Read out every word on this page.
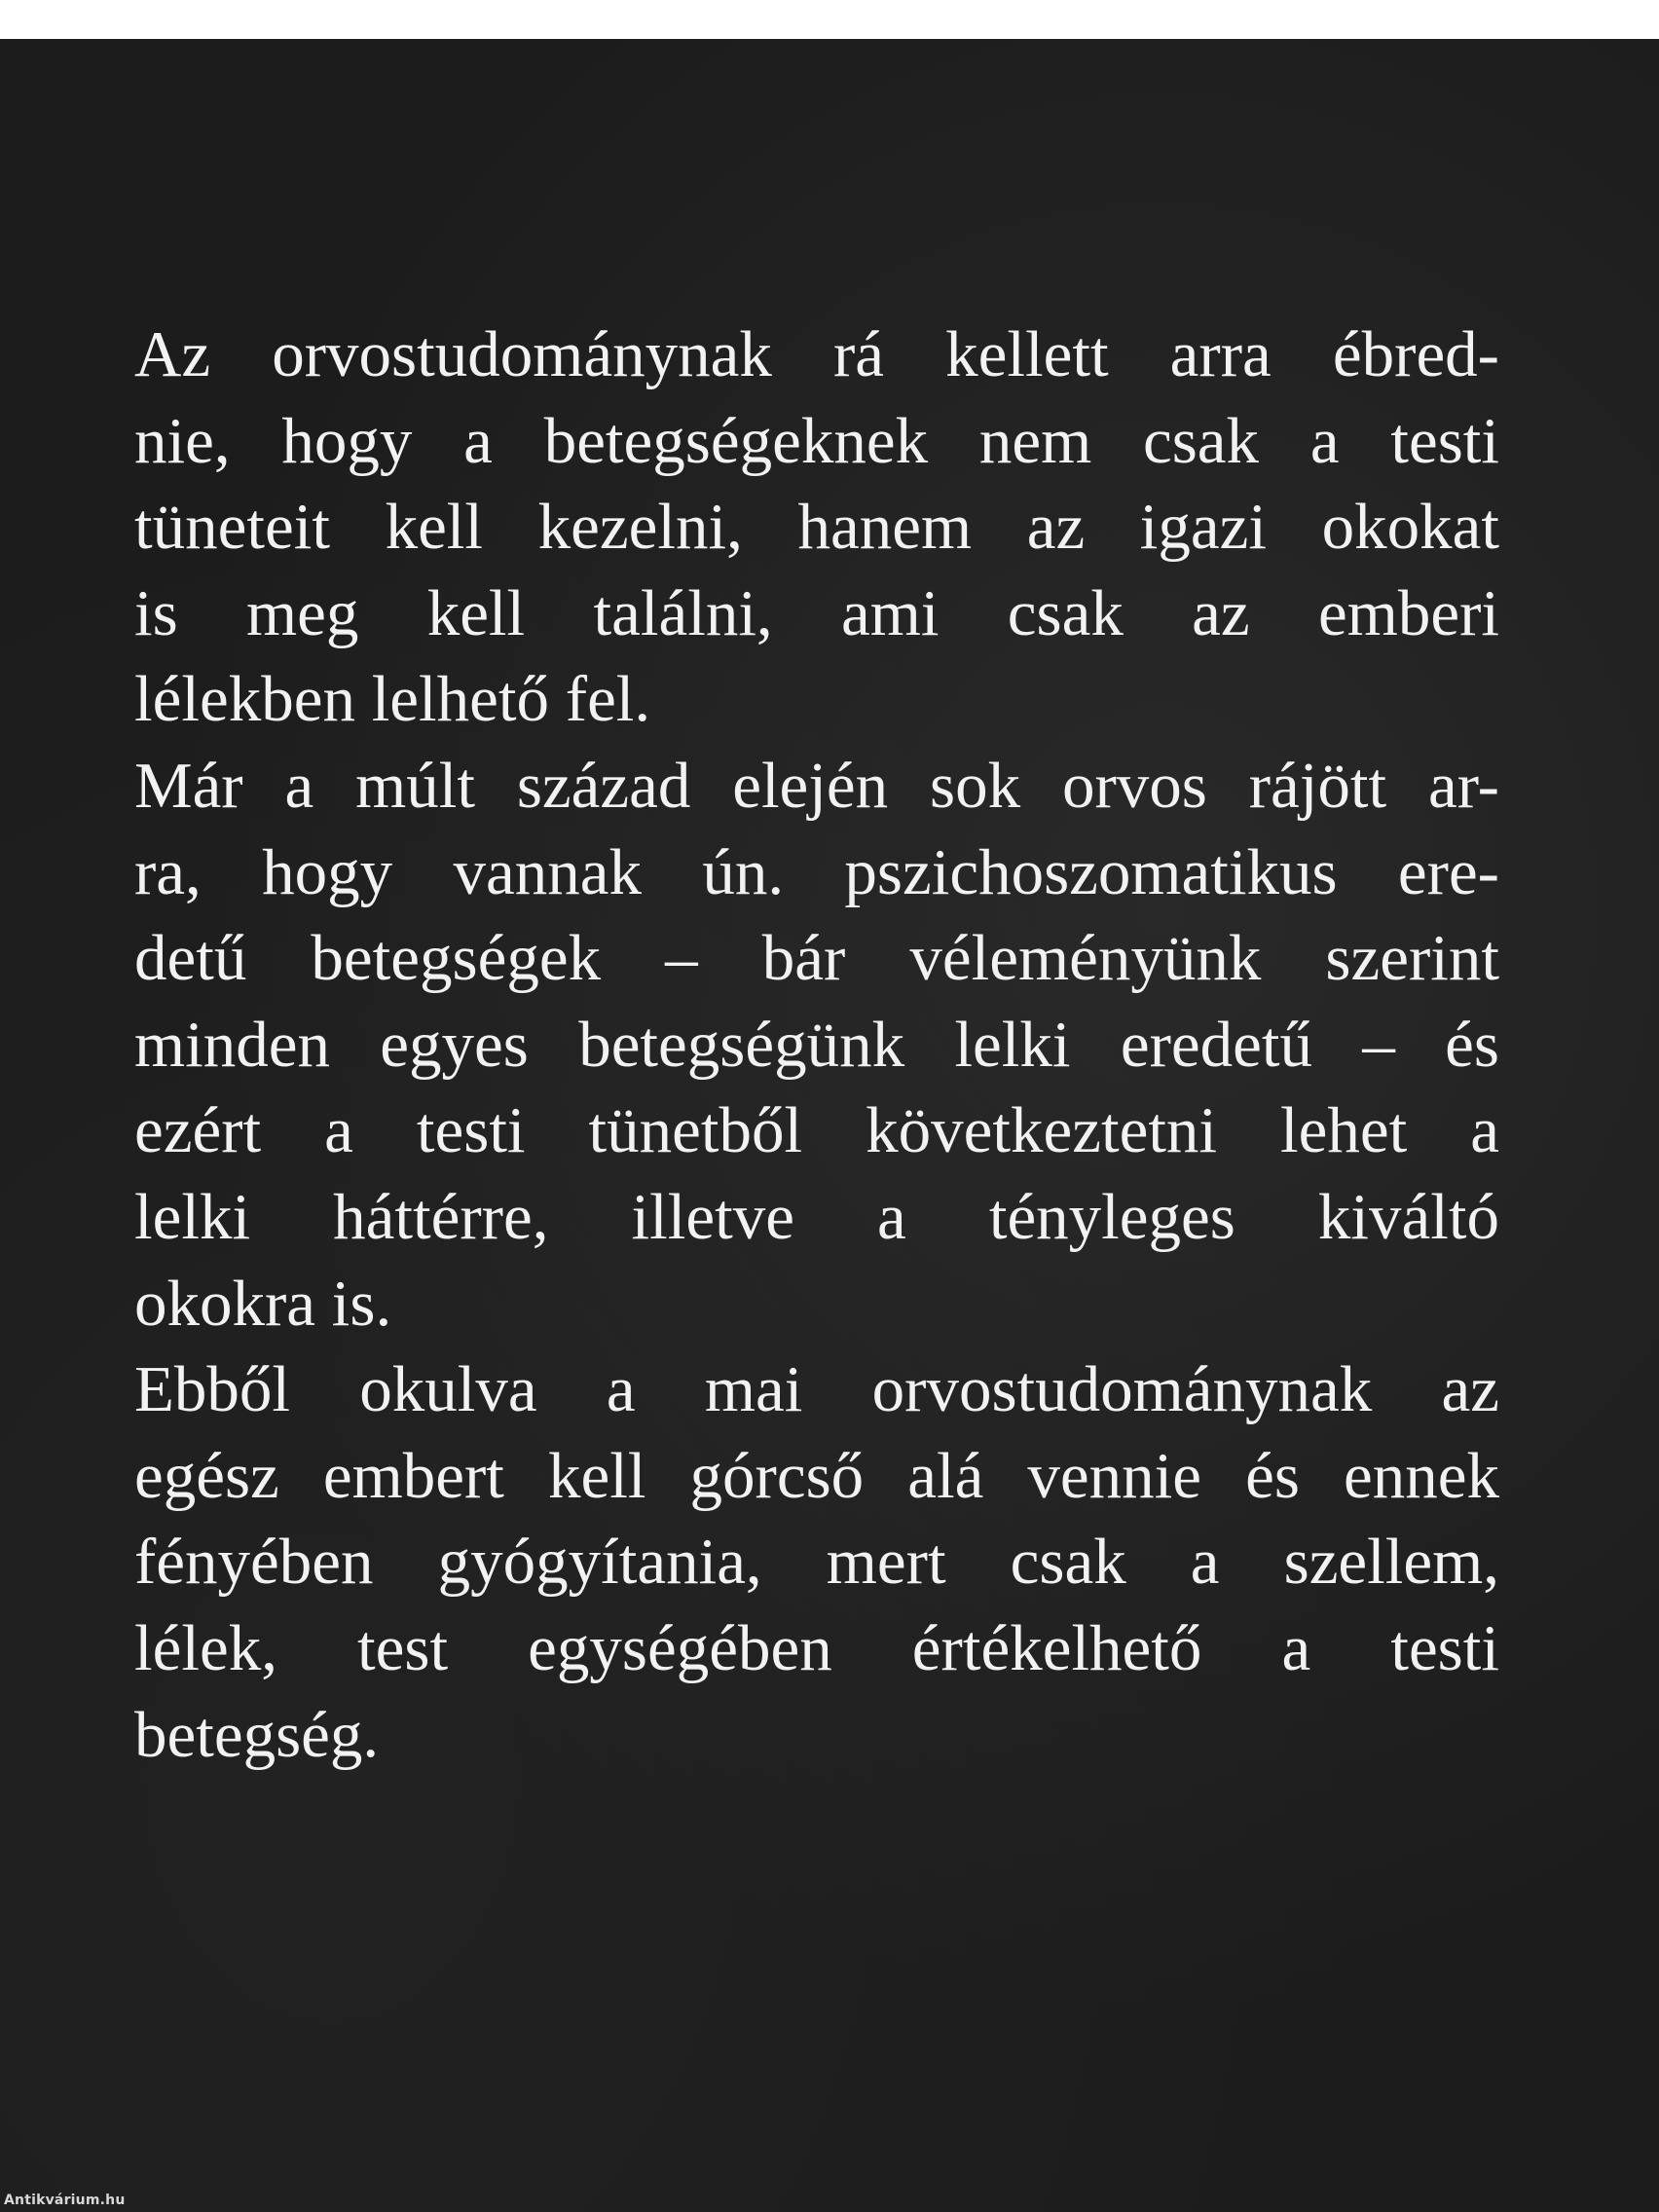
Az orvostudománynak rá kellett arra ébred-
nie, hogy a betegségeknek nem csak a testi
tüneteit kell kezelni, hanem az igazi okokat
is meg kell találni, ami csak az emberi
lélekben lelhető fel.
Már a múlt század elején sok orvos rájött ar-
ra, hogy vannak ún. pszichoszomatikus ere-
detű betegségek – bár véleményünk szerint
minden egyes betegségünk lelki eredetű – és
ezért a testi tünetből következtetni lehet a
lelki háttérre, illetve a tényleges kiváltó
okokra is.
Ebből okulva a mai orvostudománynak az
egész embert kell górcső alá vennie és ennek
fényében gyógyítania, mert csak a szellem,
lélek, test egységében értékelhető a testi
betegség.
Antikvárium.hu
